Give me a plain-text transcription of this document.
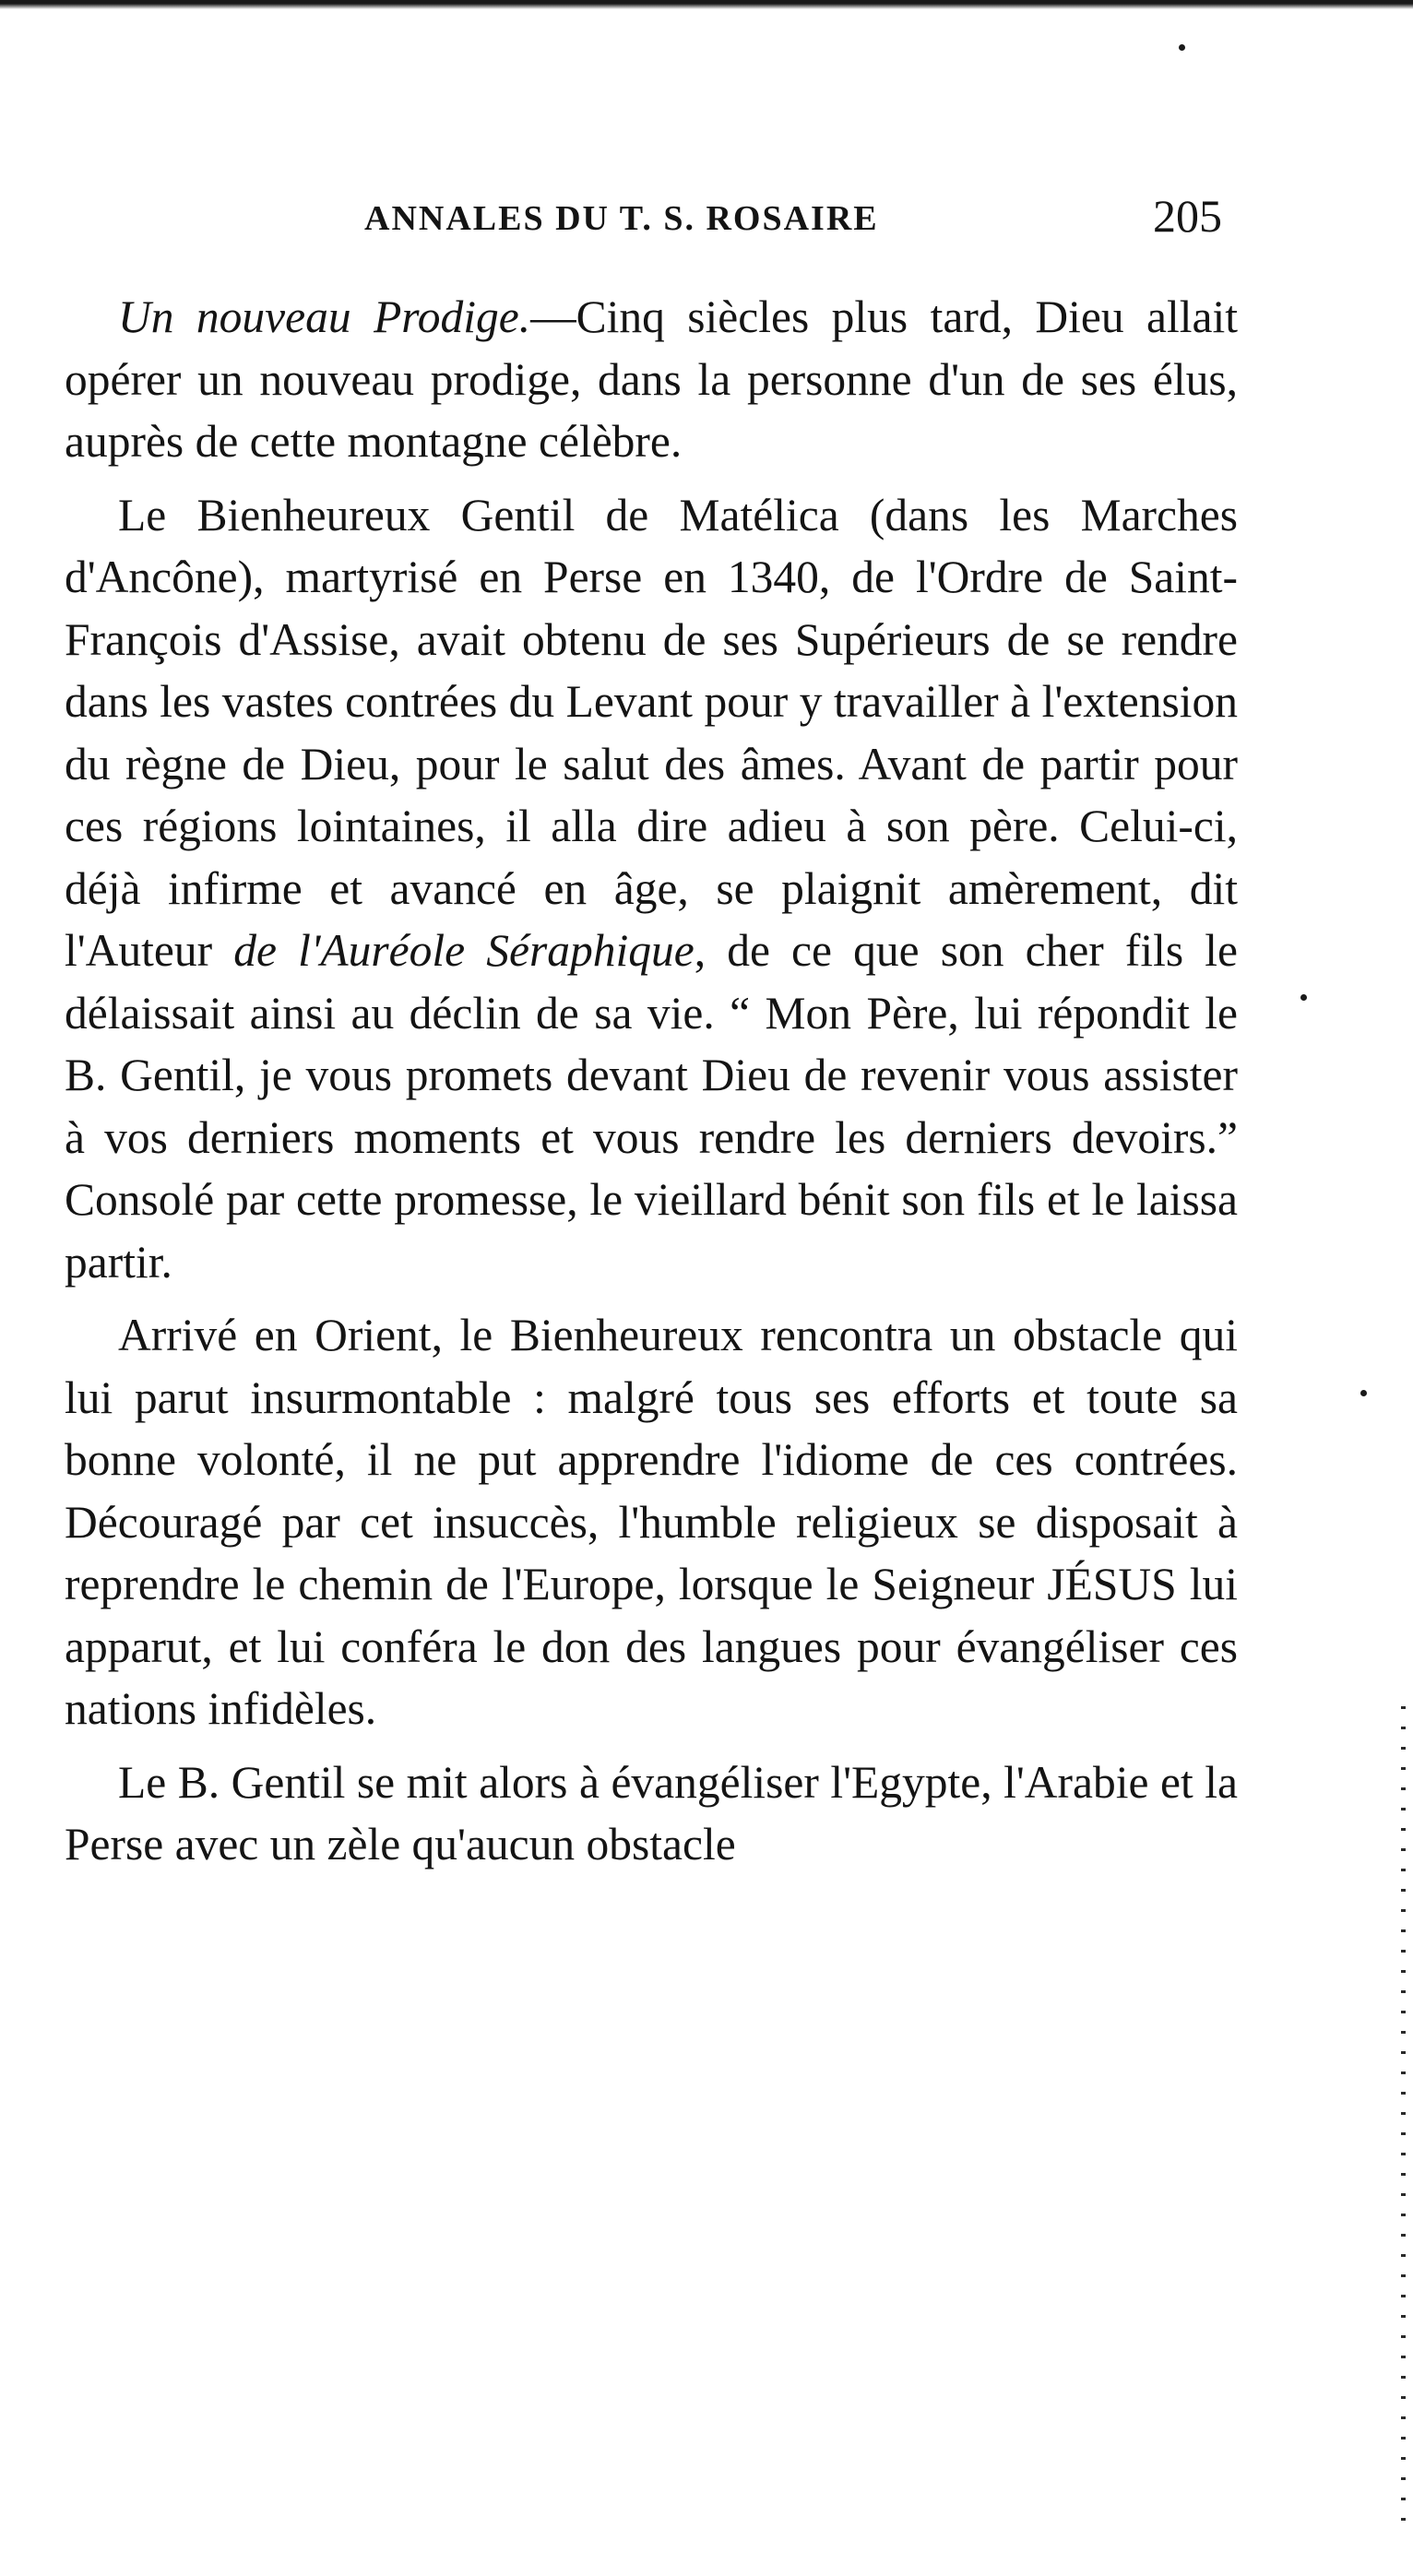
ANNALES DU T. S. ROSAIRE	205

Un nouveau Prodige.—Cinq siècles plus tard, Dieu allait opérer un nouveau prodige, dans la personne d'un de ses élus, auprès de cette montagne célèbre.

Le Bienheureux Gentil de Matélica (dans les Marches d'Ancône), martyrisé en Perse en 1340, de l'Ordre de Saint-François d'Assise, avait obtenu de ses Supérieurs de se rendre dans les vastes contrées du Levant pour y travailler à l'extension du règne de Dieu, pour le salut des âmes. Avant de partir pour ces régions lointaines, il alla dire adieu à son père. Celui-ci, déjà infirme et avancé en âge, se plaignit amèrement, dit l'Auteur de l'Auréole Séraphique, de ce que son cher fils le délaissait ainsi au déclin de sa vie. “ Mon Père, lui répondit le B. Gentil, je vous promets devant Dieu de revenir vous assister à vos derniers moments et vous rendre les derniers devoirs.” Consolé par cette promesse, le vieillard bénit son fils et le laissa partir.

Arrivé en Orient, le Bienheureux rencontra un obstacle qui lui parut insurmontable : malgré tous ses efforts et toute sa bonne volonté, il ne put apprendre l'idiome de ces contrées. Découragé par cet insuccès, l'humble religieux se disposait à reprendre le chemin de l'Europe, lorsque le Seigneur JÉSUS lui apparut, et lui conféra le don des langues pour évangéliser ces nations infidèles.

Le B. Gentil se mit alors à évangéliser l'Egypte, l'Arabie et la Perse avec un zèle qu'aucun obstacle
